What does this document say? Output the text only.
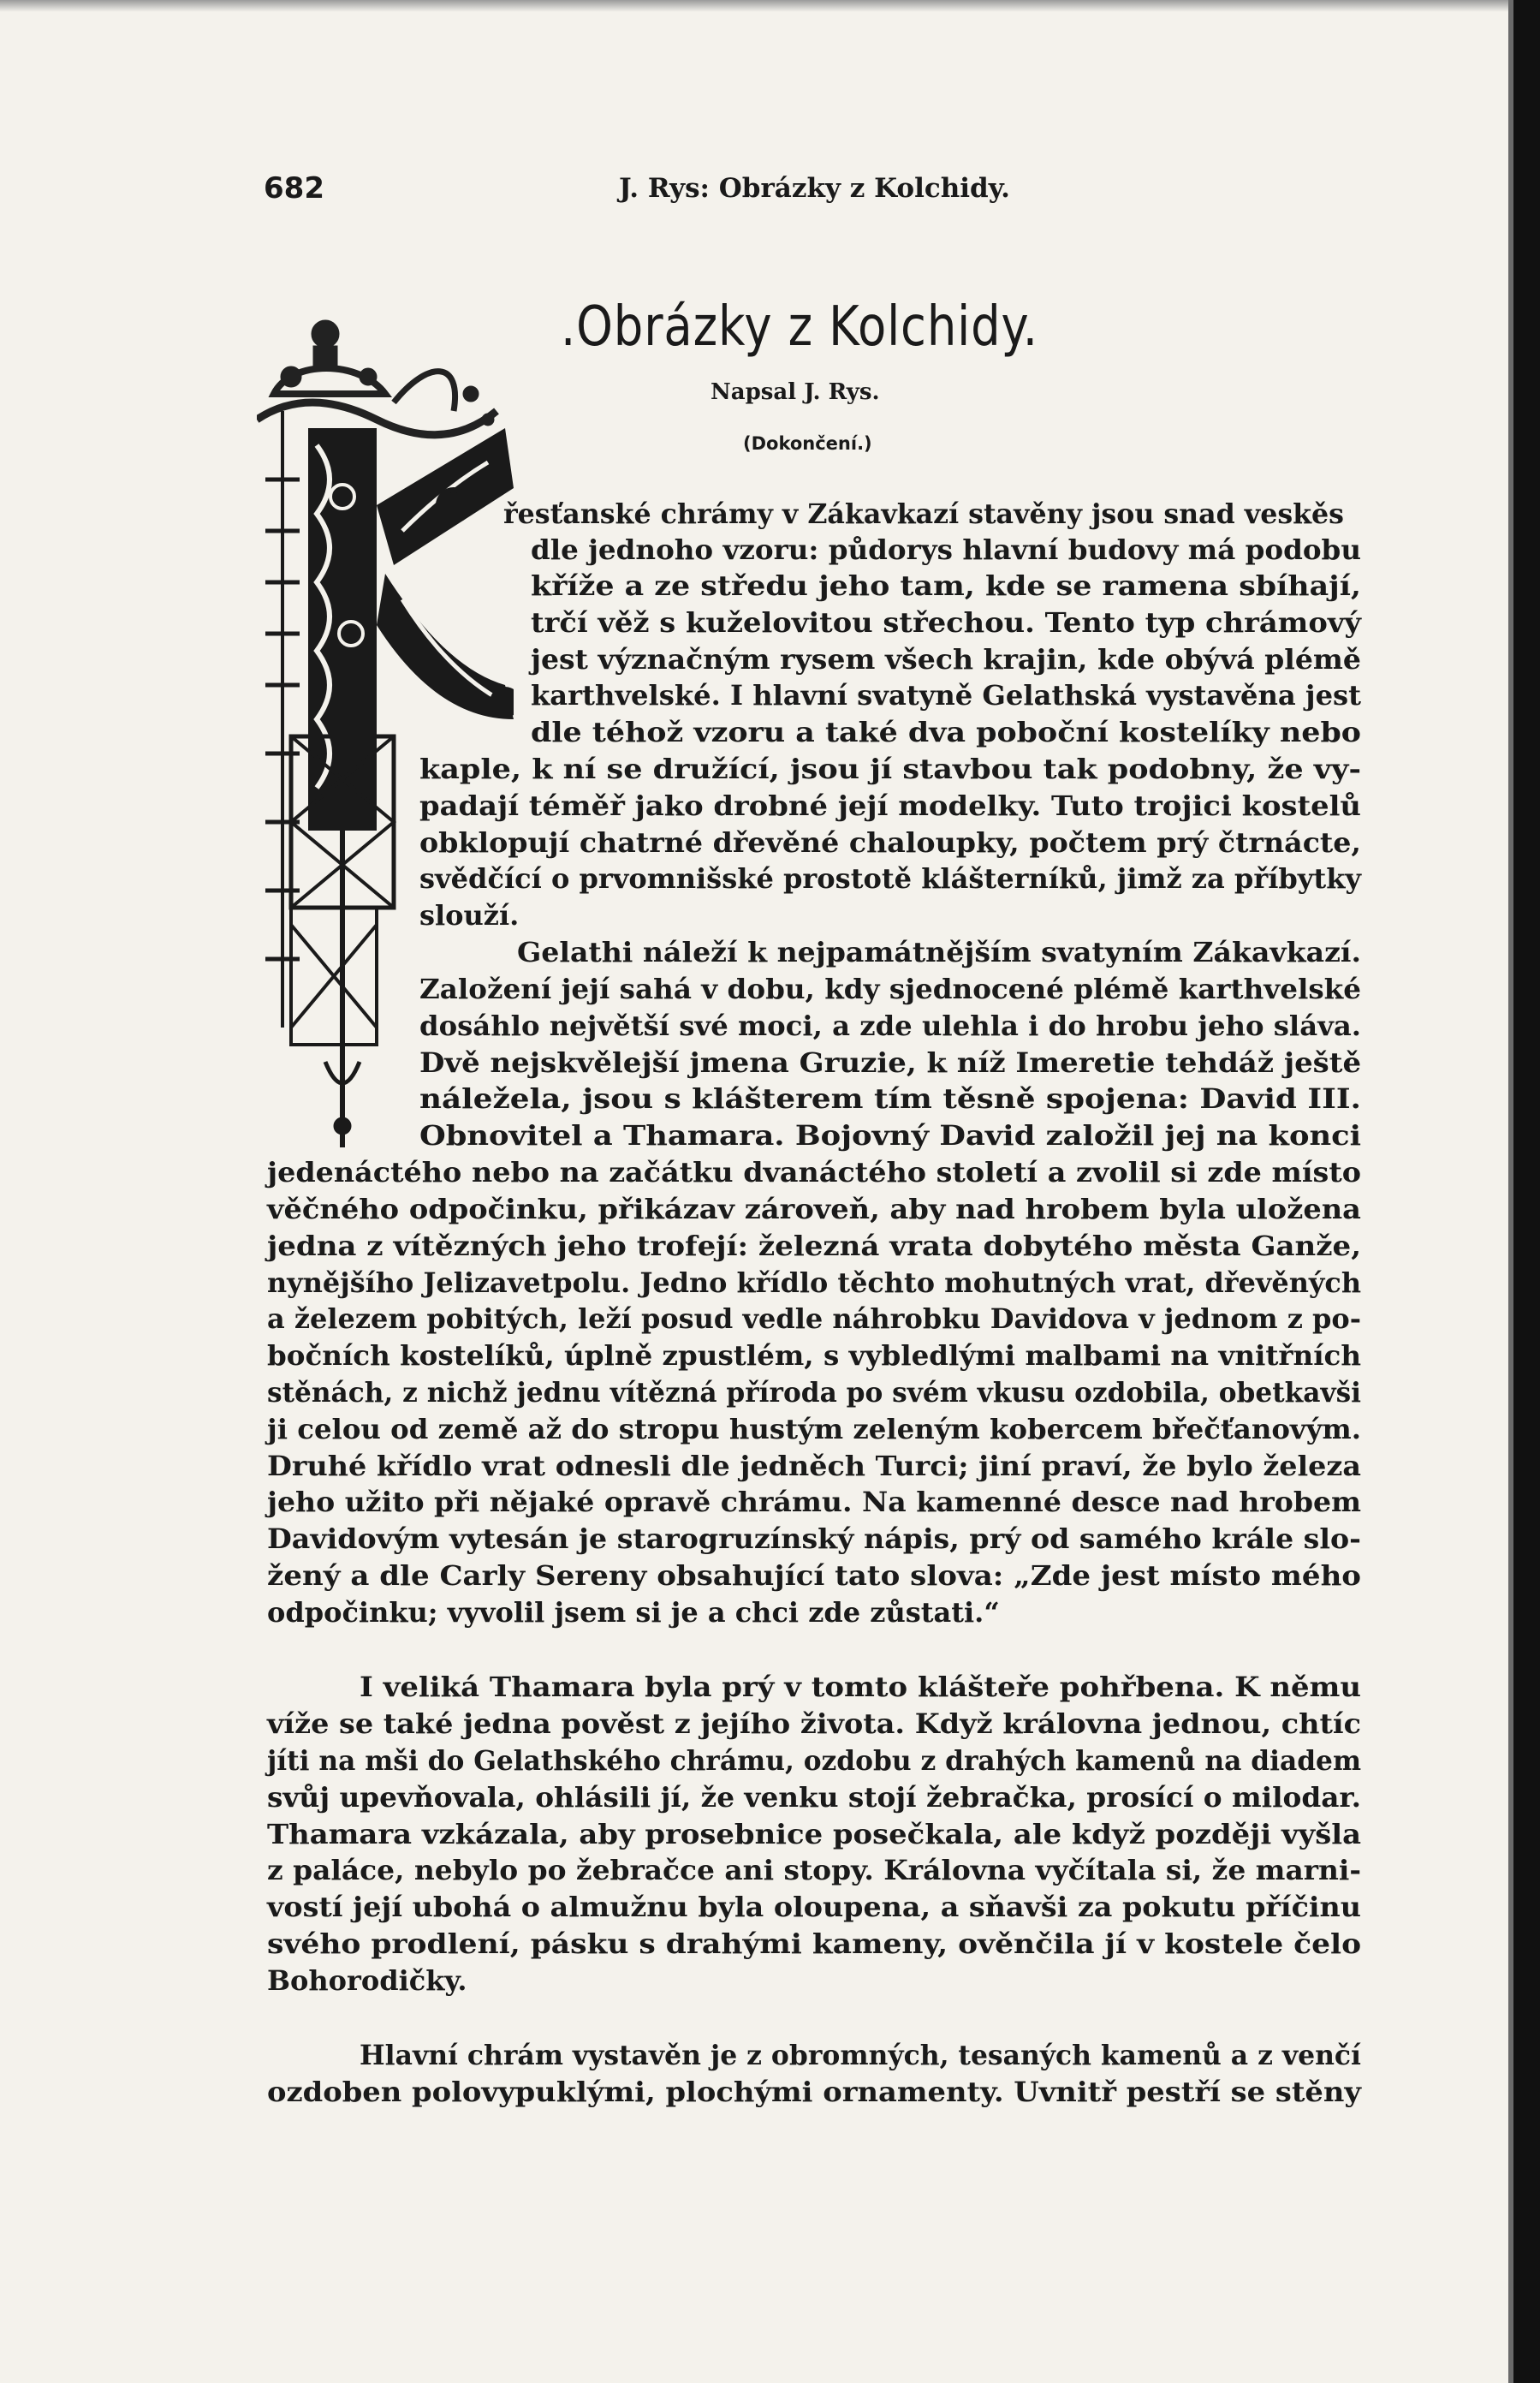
682	J. Rys: Obrázky z Kolchidy.
.Obrázky z Kolchidy.
Napsal J. Rys.
(Dokončení.)
řesťanské chrámy v Zákavkazí stavěny jsou snad veskěs
dle jednoho vzoru: půdorys hlavní budovy má podobu
kříže a ze středu jeho tam, kde se ramena sbíhají,
trčí věž s kuželovitou střechou. Tento typ chrámový
jest význačným rysem všech krajin, kde obývá plémě
karthvelské. I hlavní svatyně Gelathská vystavěna jest
dle téhož vzoru a také dva poboční kostelíky nebo
kaple, k ní se družící, jsou jí stavbou tak podobny, že vy-
padají téměř jako drobné její modelky. Tuto trojici kostelů
obklopují chatrné dřevěné chaloupky, počtem prý čtrnácte,
svědčící o prvomnišské prostotě klášterníků, jimž za příbytky
slouží.
Gelathi náleží k nejpamátnějším svatyním Zákavkazí.
Založení její sahá v dobu, kdy sjednocené plémě karthvelské
dosáhlo největší své moci, a zde ulehla i do hrobu jeho sláva.
Dvě nejskvělejší jmena Gruzie, k níž Imeretie tehdáž ještě
náležela, jsou s klášterem tím těsně spojena: David III.
Obnovitel a Thamara. Bojovný David založil jej na konci
jedenáctého nebo na začátku dvanáctého století a zvolil si zde místo
věčného odpočinku, přikázav zároveň, aby nad hrobem byla uložena
jedna z vítězných jeho trofejí: železná vrata dobytého města Ganže,
nynějšího Jelizavetpolu. Jedno křídlo těchto mohutných vrat, dřevěných
a železem pobitých, leží posud vedle náhrobku Davidova v jednom z po-
bočních kostelíků, úplně zpustlém, s vybledlými malbami na vnitřních
stěnách, z nichž jednu vítězná příroda po svém vkusu ozdobila, obetkavši
ji celou od země až do stropu hustým zeleným kobercem břečťanovým.
Druhé křídlo vrat odnesli dle jedněch Turci; jiní praví, že bylo železa
jeho užito při nějaké opravě chrámu. Na kamenné desce nad hrobem
Davidovým vytesán je starogruzínský nápis, prý od samého krále slo-
žený a dle Carly Sereny obsahující tato slova: „Zde jest místo mého
odpočinku; vyvolil jsem si je a chci zde zůstati.“
I veliká Thamara byla prý v tomto klášteře pohřbena. K němu
víže se také jedna pověst z jejího života. Když královna jednou, chtíc
jíti na mši do Gelathského chrámu, ozdobu z drahých kamenů na diadem
svůj upevňovala, ohlásili jí, že venku stojí žebračka, prosící o milodar.
Thamara vzkázala, aby prosebnice posečkala, ale když později vyšla
z paláce, nebylo po žebračce ani stopy. Královna vyčítala si, že marni-
vostí její ubohá o almužnu byla oloupena, a sňavši za pokutu příčinu
svého prodlení, pásku s drahými kameny, ověnčila jí v kostele čelo
Bohorodičky.
Hlavní chrám vystavěn je z obromných, tesaných kamenů a z venčí
ozdoben polovypuklými, plochými ornamenty. Uvnitř pestří se stěny
